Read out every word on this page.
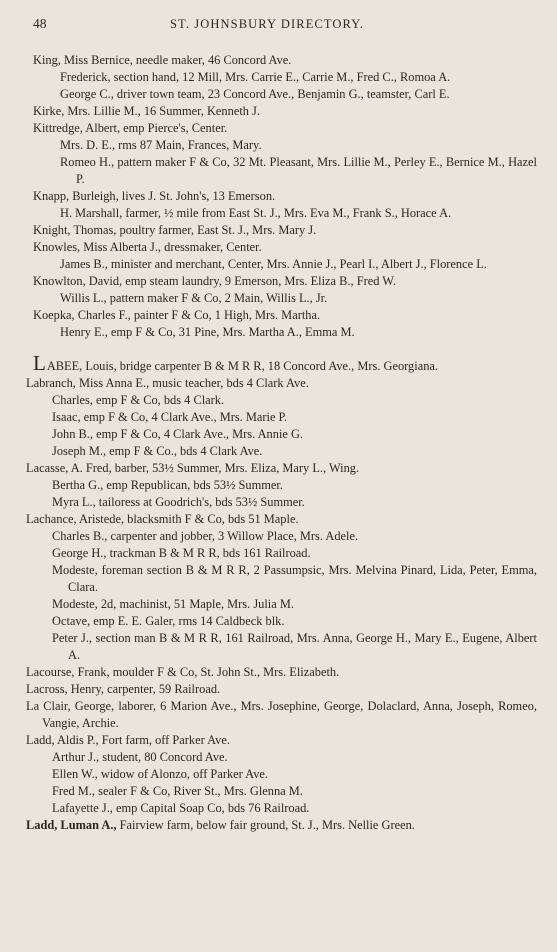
48	ST. JOHNSBURY DIRECTORY.

King, Miss Bernice, needle maker, 46 Concord Ave.

Frederick, section hand, 12 Mill, Mrs. Carrie E., Carrie M., Fred C., Romoa A.

George C., driver town team, 23 Concord Ave., Benjamin G., teamster, Carl E.

Kirke, Mrs. Lillie M., 16 Summer, Kenneth J.

Kittredge, Albert, emp Pierce's, Center.

Mrs. D. E., rms 87 Main, Frances, Mary.

Romeo H., pattern maker F & Co, 32 Mt. Pleasant, Mrs. Lillie M., Perley E., Bernice M., Hazel P.

Knapp, Burleigh, lives J. St. John's, 13 Emerson.

H. Marshall, farmer, ½ mile from East St. J., Mrs. Eva M., Frank S., Horace A.

Knight, Thomas, poultry farmer, East St. J., Mrs. Mary J.

Knowles, Miss Alberta J., dressmaker, Center.

James B., minister and merchant, Center, Mrs. Annie J., Pearl I., Albert J., Florence L.

Knowlton, David, emp steam laundry, 9 Emerson, Mrs. Eliza B., Fred W.

Willis L., pattern maker F & Co, 2 Main, Willis L., Jr.

Koepka, Charles F., painter F & Co, 1 High, Mrs. Martha.

Henry E., emp F & Co, 31 Pine, Mrs. Martha A., Emma M.

LABEE, Louis, bridge carpenter B & M R R, 18 Concord Ave., Mrs. Georgiana.

Labranch, Miss Anna E., music teacher, bds 4 Clark Ave.

Charles, emp F & Co, bds 4 Clark.

Isaac, emp F & Co, 4 Clark Ave., Mrs. Marie P.

John B., emp F & Co, 4 Clark Ave., Mrs. Annie G.

Joseph M., emp F & Co., bds 4 Clark Ave.

Lacasse, A. Fred, barber, 53½ Summer, Mrs. Eliza, Mary L., Wing.

Bertha G., emp Republican, bds 53½ Summer.

Myra L., tailoress at Goodrich's, bds 53½ Summer.

Lachance, Aristede, blacksmith F & Co, bds 51 Maple.

Charles B., carpenter and jobber, 3 Willow Place, Mrs. Adele.

George H., trackman B & M R R, bds 161 Railroad.

Modeste, foreman section B & M R R, 2 Passumpsic, Mrs. Melvina Pinard, Lida, Peter, Emma, Clara.

Modeste, 2d, machinist, 51 Maple, Mrs. Julia M.

Octave, emp E. E. Galer, rms 14 Caldbeck blk.

Peter J., section man B & M R R, 161 Railroad, Mrs. Anna, George H., Mary E., Eugene, Albert A.

Lacourse, Frank, moulder F & Co, St. John St., Mrs. Elizabeth.

Lacross, Henry, carpenter, 59 Railroad.

La Clair, George, laborer, 6 Marion Ave., Mrs. Josephine, George, Dolaclard, Anna, Joseph, Romeo, Vangie, Archie.

Ladd, Aldis P., Fort farm, off Parker Ave.

Arthur J., student, 80 Concord Ave.

Ellen W., widow of Alonzo, off Parker Ave.

Fred M., sealer F & Co, River St., Mrs. Glenna M.

Lafayette J., emp Capital Soap Co, bds 76 Railroad.

Ladd, Luman A., Fairview farm, below fair ground, St. J., Mrs. Nellie Green.
